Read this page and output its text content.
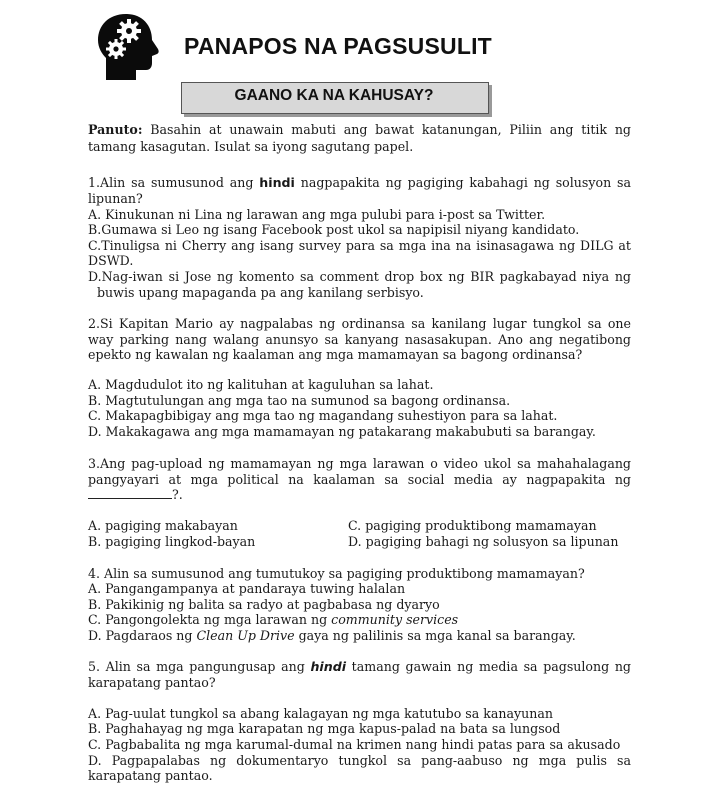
PANAPOS NA PAGSUSULIT
GAANO KA NA KAHUSAY?
Panuto: Basahin at unawain mabuti ang bawat katanungan, Piliin ang titik ng
tamang kasagutan. Isulat sa iyong sagutang papel.
1.Alin sa sumusunod ang hindi nagpapakita ng pagiging kabahagi ng solusyon sa
lipunan?
A. Kinukunan ni Lina ng larawan ang mga pulubi para i-post sa Twitter.
B.Gumawa si Leo ng isang Facebook post ukol sa napipisil niyang kandidato.
C.Tinuligsa ni Cherry ang isang survey para sa mga ina na isinasagawa ng DILG at
DSWD.
D.Nag-iwan si Jose ng komento sa comment drop box ng BIR pagkabayad niya ng
buwis upang mapaganda pa ang kanilang serbisyo.
2.Si Kapitan Mario ay nagpalabas ng ordinansa sa kanilang lugar tungkol sa one
way parking nang walang anunsyo sa kanyang nasasakupan. Ano ang negatibong
epekto ng kawalan ng kaalaman ang mga mamamayan sa bagong ordinansa?
A. Magdudulot ito ng kalituhan at kaguluhan sa lahat.
B. Magtutulungan ang mga tao na sumunod sa bagong ordinansa.
C. Makapagbibigay ang mga tao ng magandang suhestiyon para sa lahat.
D. Makakagawa ang mga mamamayan ng patakarang makabubuti sa barangay.
3.Ang pag-upload ng mamamayan ng mga larawan o video ukol sa mahahalagang
pangyayari at mga political na kaalaman sa social media ay nagpapakita ng
?.
A. pagiging makabayan
B. pagiging lingkod-bayan
C. pagiging produktibong mamamayan
D. pagiging bahagi ng solusyon sa lipunan
4. Alin sa sumusunod ang tumutukoy sa pagiging produktibong mamamayan?
A. Pangangampanya at pandaraya tuwing halalan
B. Pakikinig ng balita sa radyo at pagbabasa ng dyaryo
C. Pangongolekta ng mga larawan ng community services
D. Pagdaraos ng Clean Up Drive gaya ng palilinis sa mga kanal sa barangay.
5. Alin sa mga pangungusap ang hindi tamang gawain ng media sa pagsulong ng
karapatang pantao?
A. Pag-uulat tungkol sa abang kalagayan ng mga katutubo sa kanayunan
B. Paghahayag ng mga karapatan ng mga kapus-palad na bata sa lungsod
C. Pagbabalita ng mga karumal-dumal na krimen nang hindi patas para sa akusado
D. Pagpapalabas ng dokumentaryo tungkol sa pang-aabuso ng mga pulis sa
karapatang pantao.
